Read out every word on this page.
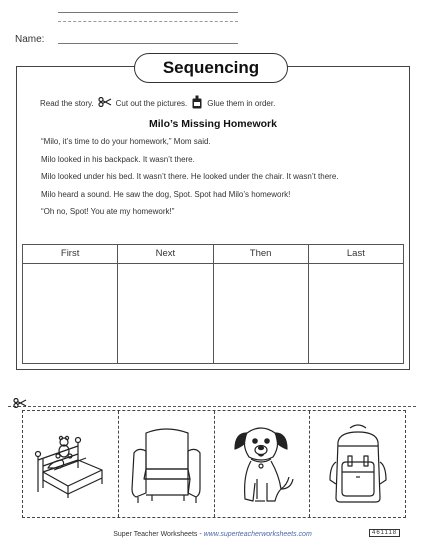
Name:
Sequencing
Read the story.	Cut out the pictures.	Glue them in order.
Milo’s Missing Homework

“Milo, it’s time to do your homework,” Mom said.

Milo looked in his backpack. It wasn’t there.

Milo looked under his bed. It wasn’t there. He looked under the chair. It wasn’t there.

Milo heard a sound. He saw the dog, Spot. Spot had Milo’s homework!

“Oh no, Spot! You ate my homework!”

First	Next	Then	Last
Super Teacher Worksheets - www.superteacherworksheets.com	461118
